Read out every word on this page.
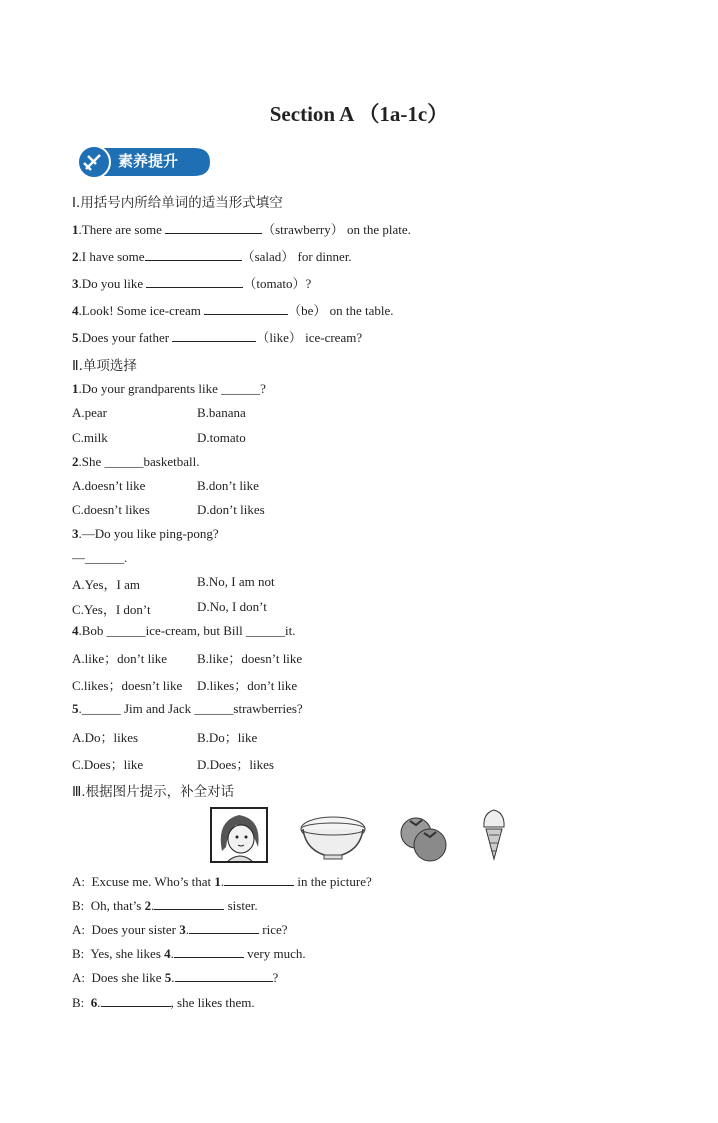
Section A （1a-1c）
素养提升
Ⅰ.用括号内所给单词的适当形式填空
1.There are some	（strawberry） on the plate.
2.I have some	（salad） for dinner.
3.Do you like	（tomato）?
4.Look! Some ice-cream	（be） on the table.
5.Does your father	（like） ice-cream?
Ⅱ.单项选择
1.Do your grandparents like ______?
A.pear	B.banana
C.milk	D.tomato
2.She ______basketball.
A.doesn’t like	B.don’t like
C.doesn’t likes	D.don’t likes
3.—Do you like ping-pong?
—______.
A.Yes，I am	B.No, I am not
C.Yes，I don’t	D.No, I don’t
4.Bob ______ice-cream, but Bill ______it.
A.like；don’t like B.like；doesn’t like
C.likes；doesn’t like D.likes；don’t like
5.______ Jim and Jack ______strawberries?
A.Do；likes	B.Do；like
C.Does；like	D.Does；likes
Ⅲ.根据图片提示，补全对话
A: Excuse me. Who’s that 1.	in the picture?
B: Oh, that’s 2.	sister.
A: Does your sister 3.	rice?
B: Yes, she likes 4.	very much.
A: Does she like 5.	?
B: 6.	, she likes them.
